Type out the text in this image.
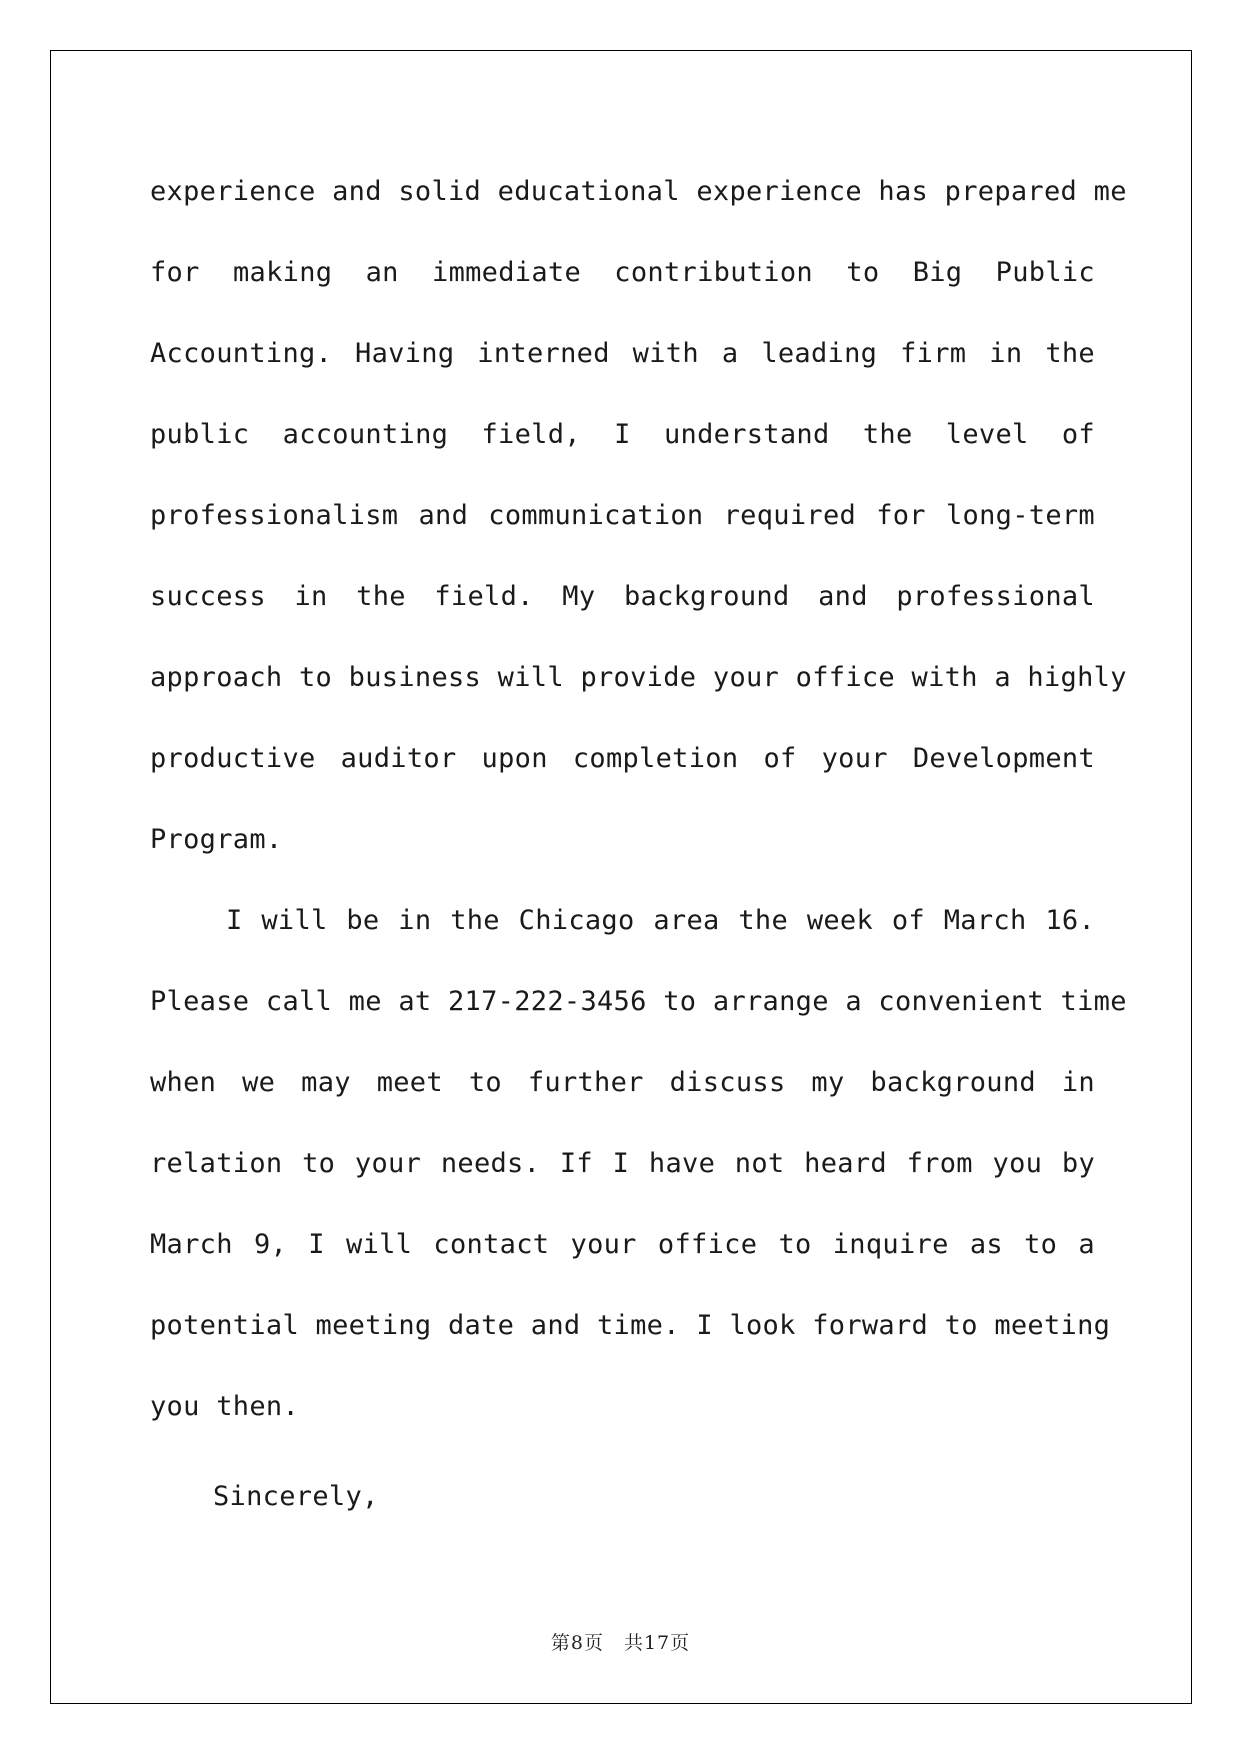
experience and solid educational experience has prepared me
for making an immediate contribution to Big Public
Accounting. Having interned with a leading firm in the
public accounting field, I understand the level of
professionalism and communication required for long-term
success in the field. My background and professional
approach to business will provide your office with a highly
productive auditor upon completion of your Development
Program.
I will be in the Chicago area the week of March 16.
Please call me at 217-222-3456 to arrange a convenient time
when we may meet to further discuss my background in
relation to your needs. If I have not heard from you by
March 9, I will contact your office to inquire as to a
potential meeting date and time. I look forward to meeting
you then.
Sincerely,
第8页　共17页
